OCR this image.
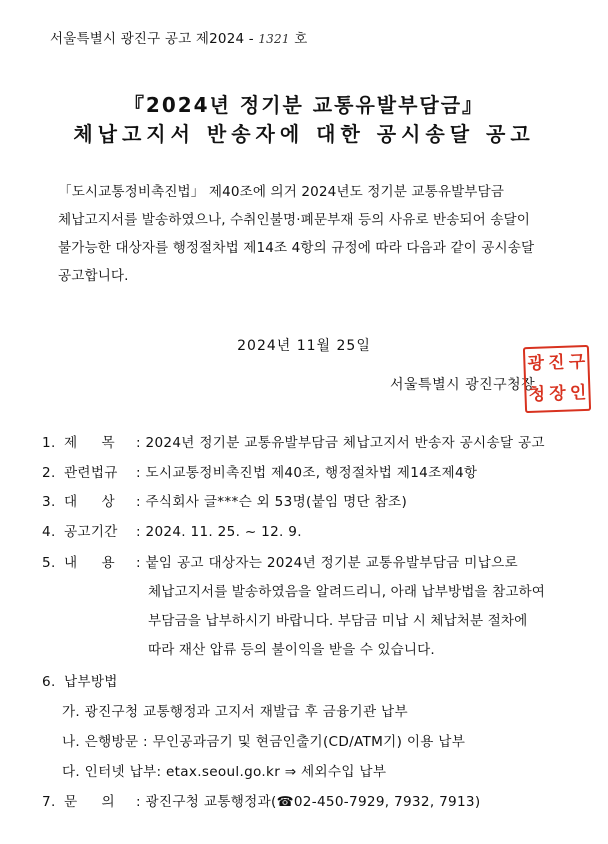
서울특별시 광진구 공고 제2024 - 1321 호
『2024년 정기분 교통유발부담금』
체납고지서 반송자에 대한 공시송달 공고
「도시교통정비촉진법」 제40조에 의거 2024년도 정기분 교통유발부담금
체납고지서를 발송하였으나, 수취인불명·폐문부재 등의 사유로 반송되어 송달이
불가능한 대상자를 행정절차법 제14조 4항의 규정에 따라 다음과 같이 공시송달
공고합니다.
2024년 11월 25일
서울특별시 광진구청장
광 진 구
청 장 인
1. 제 목 : 2024년 정기분 교통유발부담금 체납고지서 반송자 공시송달 공고
2. 관련법규 : 도시교통정비촉진법 제40조, 행정절차법 제14조제4항
3. 대 상 : 주식회사 글***슨 외 53명(붙임 명단 참조)
4. 공고기간 : 2024. 11. 25. ~ 12. 9.
5. 내 용 : 붙임 공고 대상자는 2024년 정기분 교통유발부담금 미납으로
체납고지서를 발송하였음을 알려드리니, 아래 납부방법을 참고하여
부담금을 납부하시기 바랍니다. 부담금 미납 시 체납처분 절차에
따라 재산 압류 등의 불이익을 받을 수 있습니다.
6. 납부방법
가. 광진구청 교통행정과 고지서 재발급 후 금융기관 납부
나. 은행방문 : 무인공과금기 및 현금인출기(CD/ATM기) 이용 납부
다. 인터넷 납부: etax.seoul.go.kr ⇒ 세외수입 납부
7. 문 의 : 광진구청 교통행정과(☎02-450-7929, 7932, 7913)
